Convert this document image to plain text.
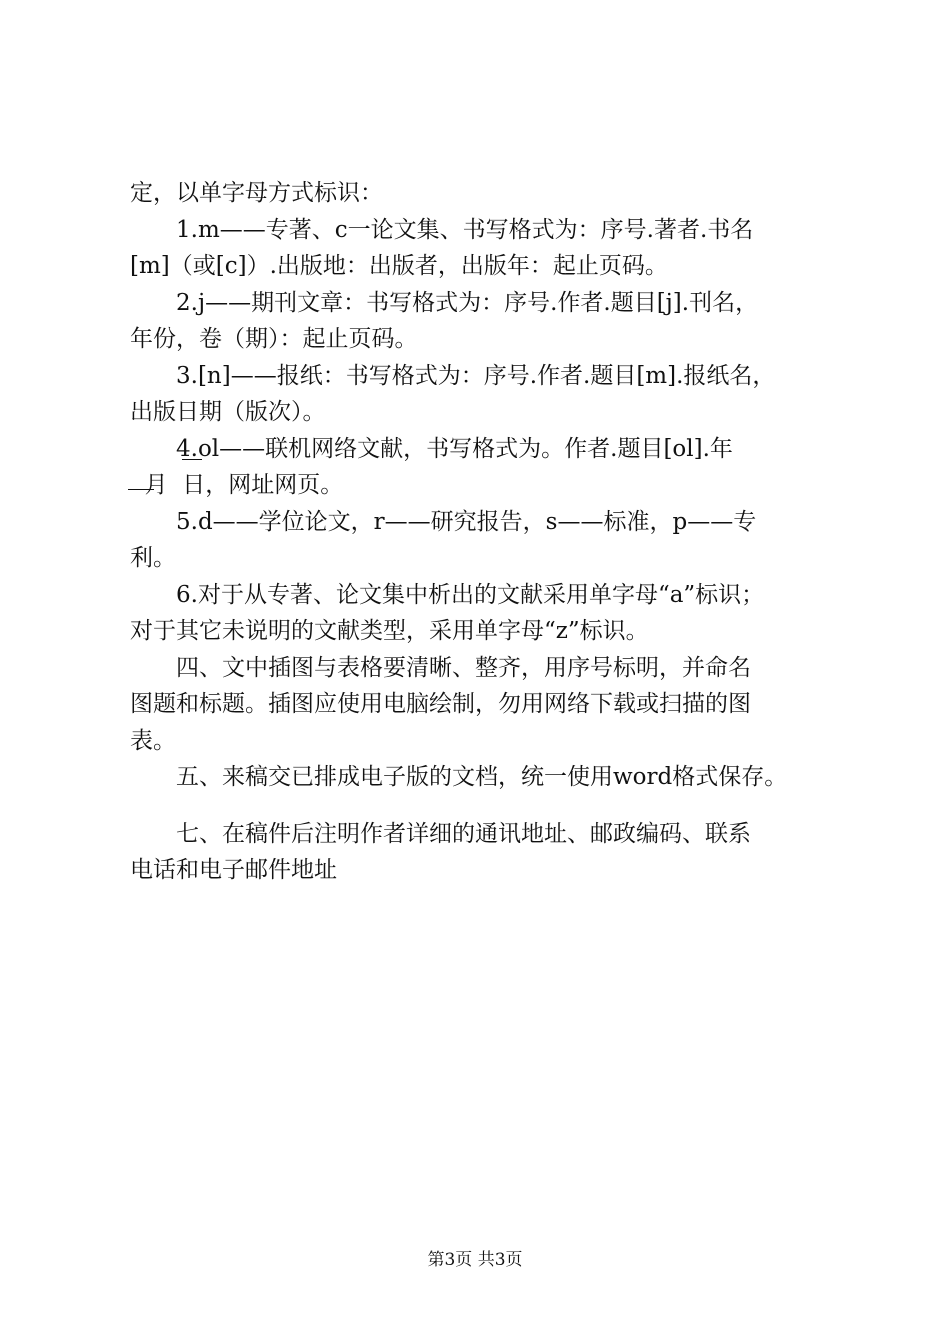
定，以单字母方式标识：
1.m——专著、c一论文集、书写格式为：序号.著者.书名
[m]（或[c]）.出版地：出版者，出版年：起止页码。
2.j——期刊文章：书写格式为：序号.作者.题目[j].刊名，
年份，卷（期）：起止页码。
3.[n]——报纸：书写格式为：序号.作者.题目[m].报纸名，
出版日期（版次）。
4.ol——联机网络文献，书写格式为。作者.题目[ol].年
月  日，网址网页。
5.d——学位论文，r——研究报告，s——标准，p——专
利。
6.对于从专著、论文集中析出的文献采用单字母“a”标识；
对于其它未说明的文献类型，采用单字母“z”标识。
四、文中插图与表格要清晰、整齐，用序号标明，并命名
图题和标题。插图应使用电脑绘制，勿用网络下载或扫描的图
表。
五、来稿交已排成电子版的文档，统一使用word格式保存。
七、在稿件后注明作者详细的通讯地址、邮政编码、联系
电话和电子邮件地址
第3页 共3页
